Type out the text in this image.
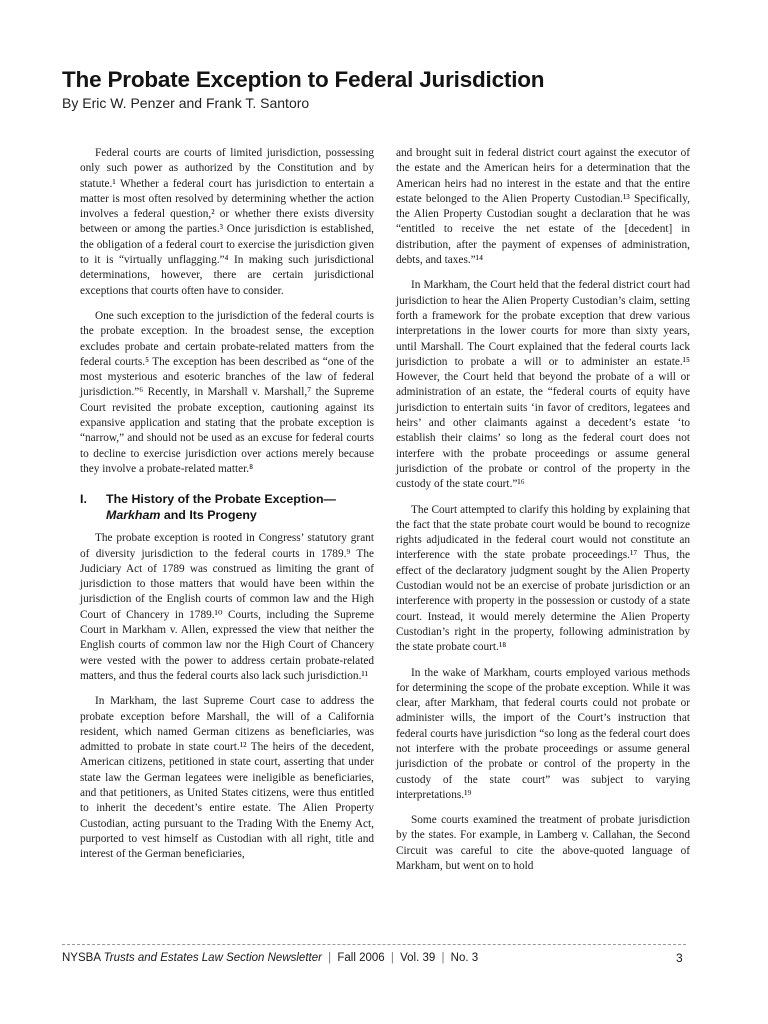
The Probate Exception to Federal Jurisdiction
By Eric W. Penzer and Frank T. Santoro

Federal courts are courts of limited jurisdiction, possessing only such power as authorized by the Constitution and by statute.¹ Whether a federal court has jurisdiction to entertain a matter is most often resolved by determining whether the action involves a federal question,² or whether there exists diversity between or among the parties.³ Once jurisdiction is established, the obligation of a federal court to exercise the jurisdiction given to it is “virtually unflagging.”⁴ In making such jurisdictional determinations, however, there are certain jurisdictional exceptions that courts often have to consider.

One such exception to the jurisdiction of the federal courts is the probate exception. In the broadest sense, the exception excludes probate and certain probate-related matters from the federal courts.⁵ The exception has been described as “one of the most mysterious and esoteric branches of the law of federal jurisdiction.”⁶ Recently, in Marshall v. Marshall,⁷ the Supreme Court revisited the probate exception, cautioning against its expansive application and stating that the probate exception is “narrow,” and should not be used as an excuse for federal courts to decline to exercise jurisdiction over actions merely because they involve a probate-related matter.⁸

I.	The History of the Probate Exception—
Markham and Its Progeny

The probate exception is rooted in Congress’ statutory grant of diversity jurisdiction to the federal courts in 1789.⁹ The Judiciary Act of 1789 was construed as limiting the grant of jurisdiction to those matters that would have been within the jurisdiction of the English courts of common law and the High Court of Chancery in 1789.¹⁰ Courts, including the Supreme Court in Markham v. Allen, expressed the view that neither the English courts of common law nor the High Court of Chancery were vested with the power to address certain probate-related matters, and thus the federal courts also lack such jurisdiction.¹¹

In Markham, the last Supreme Court case to address the probate exception before Marshall, the will of a California resident, which named German citizens as beneficiaries, was admitted to probate in state court.¹² The heirs of the decedent, American citizens, petitioned in state court, asserting that under state law the German legatees were ineligible as beneficiaries, and that petitioners, as United States citizens, were thus entitled to inherit the decedent’s entire estate. The Alien Property Custodian, acting pursuant to the Trading With the Enemy Act, purported to vest himself as Custodian with all right, title and interest of the German beneficiaries,

and brought suit in federal district court against the executor of the estate and the American heirs for a determination that the American heirs had no interest in the estate and that the entire estate belonged to the Alien Property Custodian.¹³ Specifically, the Alien Property Custodian sought a declaration that he was “entitled to receive the net estate of the [decedent] in distribution, after the payment of expenses of administration, debts, and taxes.”¹⁴

In Markham, the Court held that the federal district court had jurisdiction to hear the Alien Property Custodian’s claim, setting forth a framework for the probate exception that drew various interpretations in the lower courts for more than sixty years, until Marshall. The Court explained that the federal courts lack jurisdiction to probate a will or to administer an estate.¹⁵ However, the Court held that beyond the probate of a will or administration of an estate, the “federal courts of equity have jurisdiction to entertain suits ‘in favor of creditors, legatees and heirs’ and other claimants against a decedent’s estate ‘to establish their claims’ so long as the federal court does not interfere with the probate proceedings or assume general jurisdiction of the probate or control of the property in the custody of the state court.”¹⁶

The Court attempted to clarify this holding by explaining that the fact that the state probate court would be bound to recognize rights adjudicated in the federal court would not constitute an interference with the state probate proceedings.¹⁷ Thus, the effect of the declaratory judgment sought by the Alien Property Custodian would not be an exercise of probate jurisdiction or an interference with property in the possession or custody of a state court. Instead, it would merely determine the Alien Property Custodian’s right in the property, following administration by the state probate court.¹⁸

In the wake of Markham, courts employed various methods for determining the scope of the probate exception. While it was clear, after Markham, that federal courts could not probate or administer wills, the import of the Court’s instruction that federal courts have jurisdiction “so long as the federal court does not interfere with the probate proceedings or assume general jurisdiction of the probate or control of the property in the custody of the state court” was subject to varying interpretations.¹⁹

Some courts examined the treatment of probate jurisdiction by the states. For example, in Lamberg v. Callahan, the Second Circuit was careful to cite the above-quoted language of Markham, but went on to hold

NYSBA Trusts and Estates Law Section Newsletter | Fall 2006 | Vol. 39 | No. 3	3
